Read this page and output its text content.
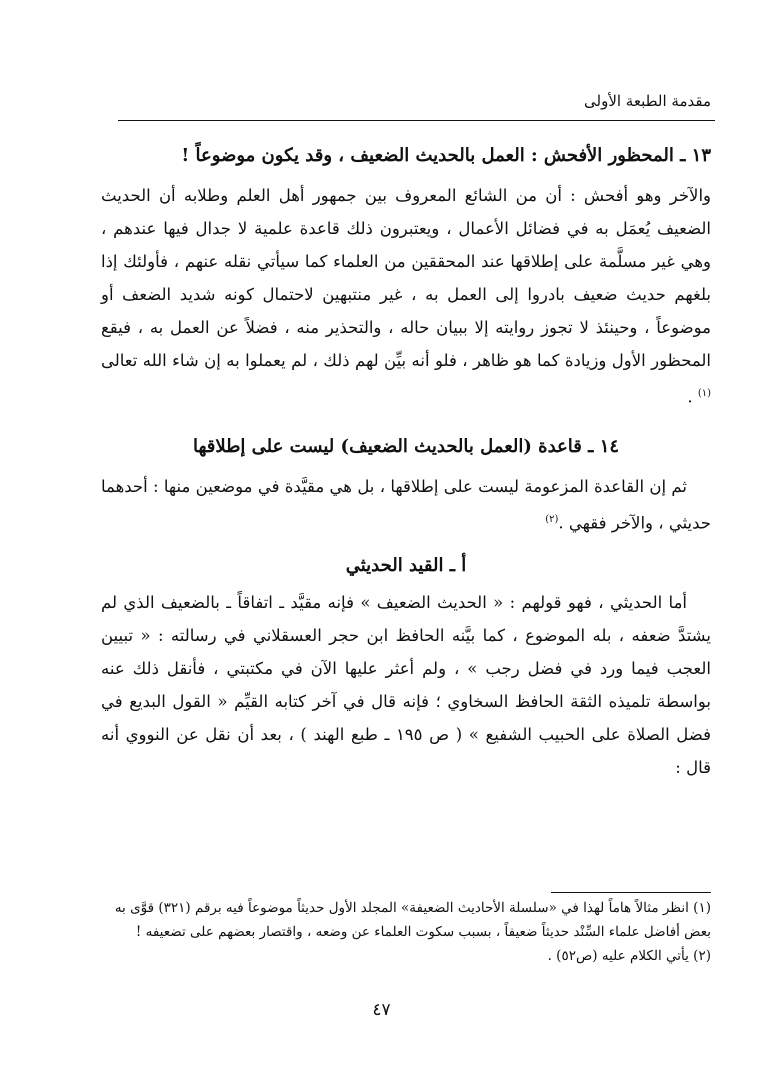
مقدمة الطبعة الأولى
١٣ ـ المحظور الأفحش : العمل بالحديث الضعيف ، وقد يكون موضوعاً !

والآخر وهو أفحش : أن من الشائع المعروف بين جمهور أهل العلم وطلابه أن الحديث الضعيف يُعمَل به في فضائل الأعمال ، ويعتبرون ذلك قاعدة علمية لا جدال فيها عندهم ، وهي غير مسلَّمة على إطلاقها عند المحققين من العلماء كما سيأتي نقله عنهم ، فأولئك إذا بلغهم حديث ضعيف بادروا إلى العمل به ، غير منتبهين لاحتمال كونه شديد الضعف أو موضوعاً ، وحينئذ لا تجوز روايته إلا ببيان حاله ، والتحذير منه ، فضلاً عن العمل به ، فيقع المحظور الأول وزيادة كما هو ظاهر ، فلو أنه بيِّن لهم ذلك ، لم يعملوا به إن شاء الله تعالى $^{(١)}$ .

١٤ ـ قاعدة (العمل بالحديث الضعيف) ليست على إطلاقها

ثم إن القاعدة المزعومة ليست على إطلاقها ، بل هي مقيَّدة في موضعين منها : أحدهما حديثي ، والآخر فقهي .$^{(٢)}$

أ ـ القيد الحديثي

أما الحديثي ، فهو قولهم : « الحديث الضعيف » فإنه مقيَّد ـ اتفاقاً ـ بالضعيف الذي لم يشتدَّ ضعفه ، بله الموضوع ، كما بيَّنه الحافظ ابن حجر العسقلاني في رسالته : « تبيين العجب فيما ورد في فضل رجب » ، ولم أعثر عليها الآن في مكتبتي ، فأنقل ذلك عنه بواسطة تلميذه الثقة الحافظ السخاوي ؛ فإنه قال في آخر كتابه القيِّم « القول البديع في فضل الصلاة على الحبيب الشفيع » ( ص ١٩٥ ـ طبع الهند ) ، بعد أن نقل عن النووي أنه قال :

(١) انظر مثالاً هاماً لهذا في «سلسلة الأحاديث الضعيفة» المجلد الأول حديثاً موضوعاً فيه برقم (٣٢١) قوَّى به بعض أفاضل علماء السِّنْد حديثاً ضعيفاً ، بسبب سكوت العلماء عن وضعه ، واقتصار بعضهم على تضعيفه !

(٢) يأتي الكلام عليه (ص٥٢) .

٤٧
